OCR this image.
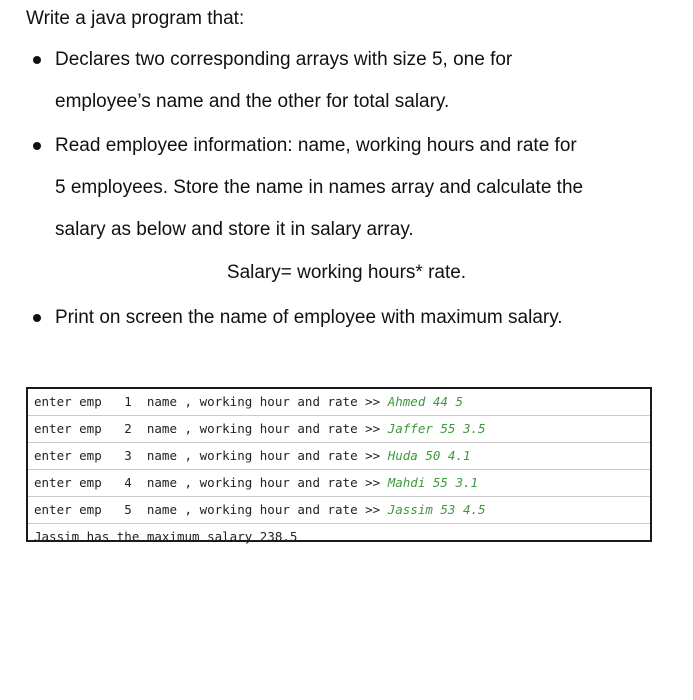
Write a java program that:
Declares two corresponding arrays with size 5, one for
employee’s name and the other for total salary.
Read employee information: name, working hours and rate for
5 employees. Store the name in names array and calculate the
salary as below and store it in salary array.
Salary= working hours* rate.
Print on screen the name of employee with maximum salary.
enter emp   1  name , working hour and rate >> Ahmed 44 5
enter emp   2  name , working hour and rate >> Jaffer 55 3.5
enter emp   3  name , working hour and rate >> Huda 50 4.1
enter emp   4  name , working hour and rate >> Mahdi 55 3.1
enter emp   5  name , working hour and rate >> Jassim 53 4.5
Jassim has the maximum salary 238.5
